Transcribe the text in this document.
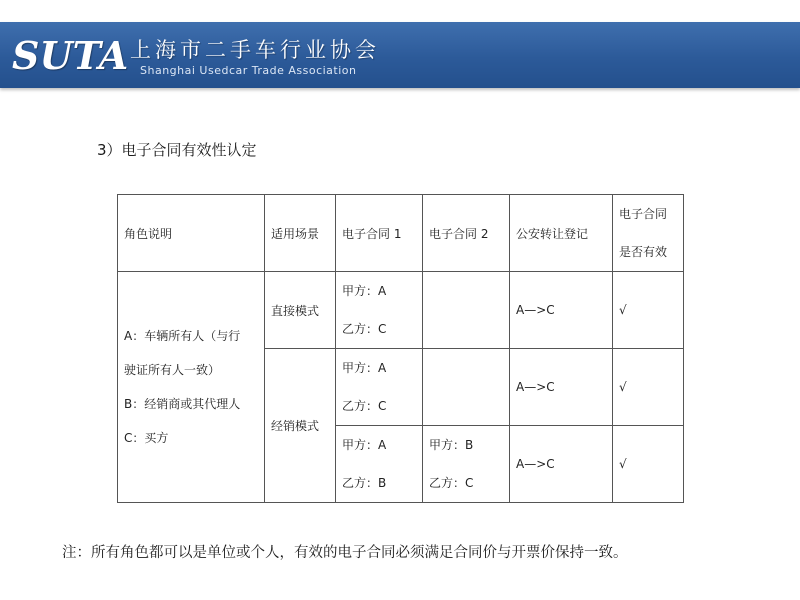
SUTA 上海市二手车行业协会
Shanghai Usedcar Trade Association
3）电子合同有效性认定
角色说明	适用场景	电子合同 1	电子合同 2	公安转让登记	电子合同
是否有效

A：车辆所有人（与行
驶证所有人一致）
B：经销商或其代理人
C：买方	直接模式	甲方：A
乙方：C		A—>C	√
	经销模式	甲方：A
乙方：C		A—>C	√

		甲方：A
乙方：B	甲方：B
乙方：C	A—>C	√
注：所有角色都可以是单位或个人，有效的电子合同必须满足合同价与开票价保持一致。
